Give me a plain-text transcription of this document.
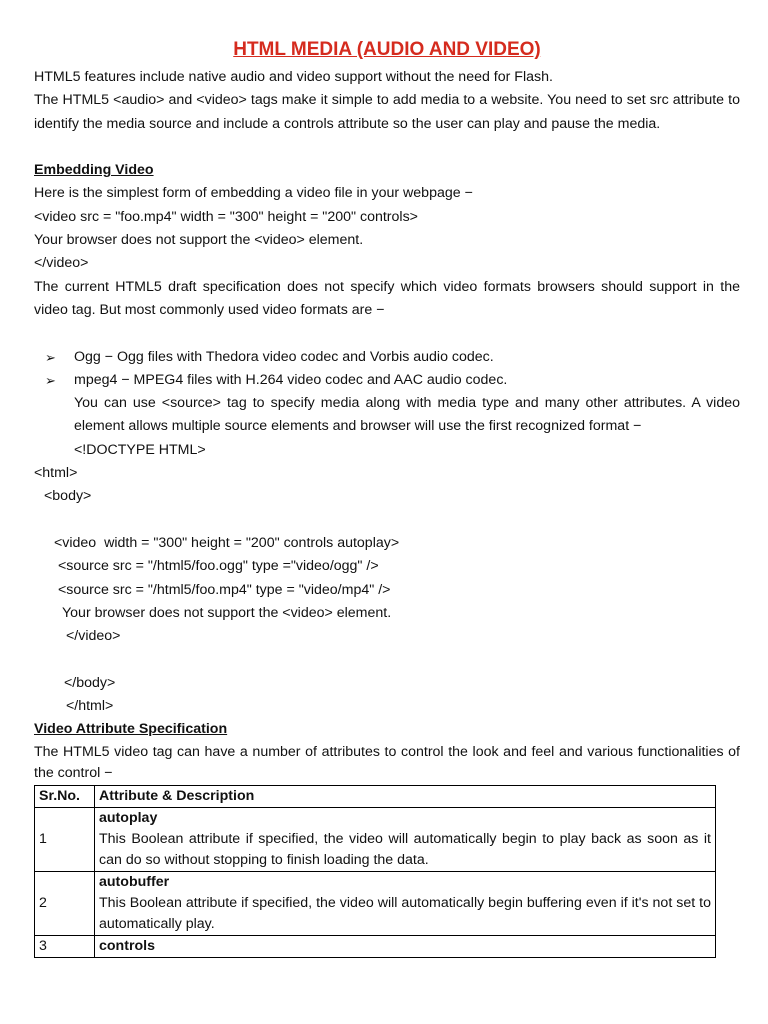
HTML MEDIA (AUDIO AND VIDEO)
HTML5 features include native audio and video support without the need for Flash.
The HTML5 <audio> and <video> tags make it simple to add media to a website. You need to set src attribute to identify the media source and include a controls attribute so the user can play and pause the media.
Embedding Video
Here is the simplest form of embedding a video file in your webpage −
<video src = "foo.mp4" width = "300" height = "200" controls>
Your browser does not support the <video> element.
</video>
The current HTML5 draft specification does not specify which video formats browsers should support in the video tag. But most commonly used video formats are −
➢ Ogg − Ogg files with Thedora video codec and Vorbis audio codec.
➢ mpeg4 − MPEG4 files with H.264 video codec and AAC audio codec.
You can use <source> tag to specify media along with media type and many other attributes. A video element allows multiple source elements and browser will use the first recognized format −
<!DOCTYPE HTML>
<html>
<body>
<video  width = "300" height = "200" controls autoplay>
<source src = "/html5/foo.ogg" type ="video/ogg" />
<source src = "/html5/foo.mp4" type = "video/mp4" />
Your browser does not support the <video> element.
</video>
</body>
</html>
Video Attribute Specification
The HTML5 video tag can have a number of attributes to control the look and feel and various functionalities of the control −
Sr.No.	Attribute & Description
1	autoplay
This Boolean attribute if specified, the video will automatically begin to play back as soon as it can do so without stopping to finish loading the data.

2	autobuffer
This Boolean attribute if specified, the video will automatically begin buffering even if it's not set to automatically play.

3	controls
